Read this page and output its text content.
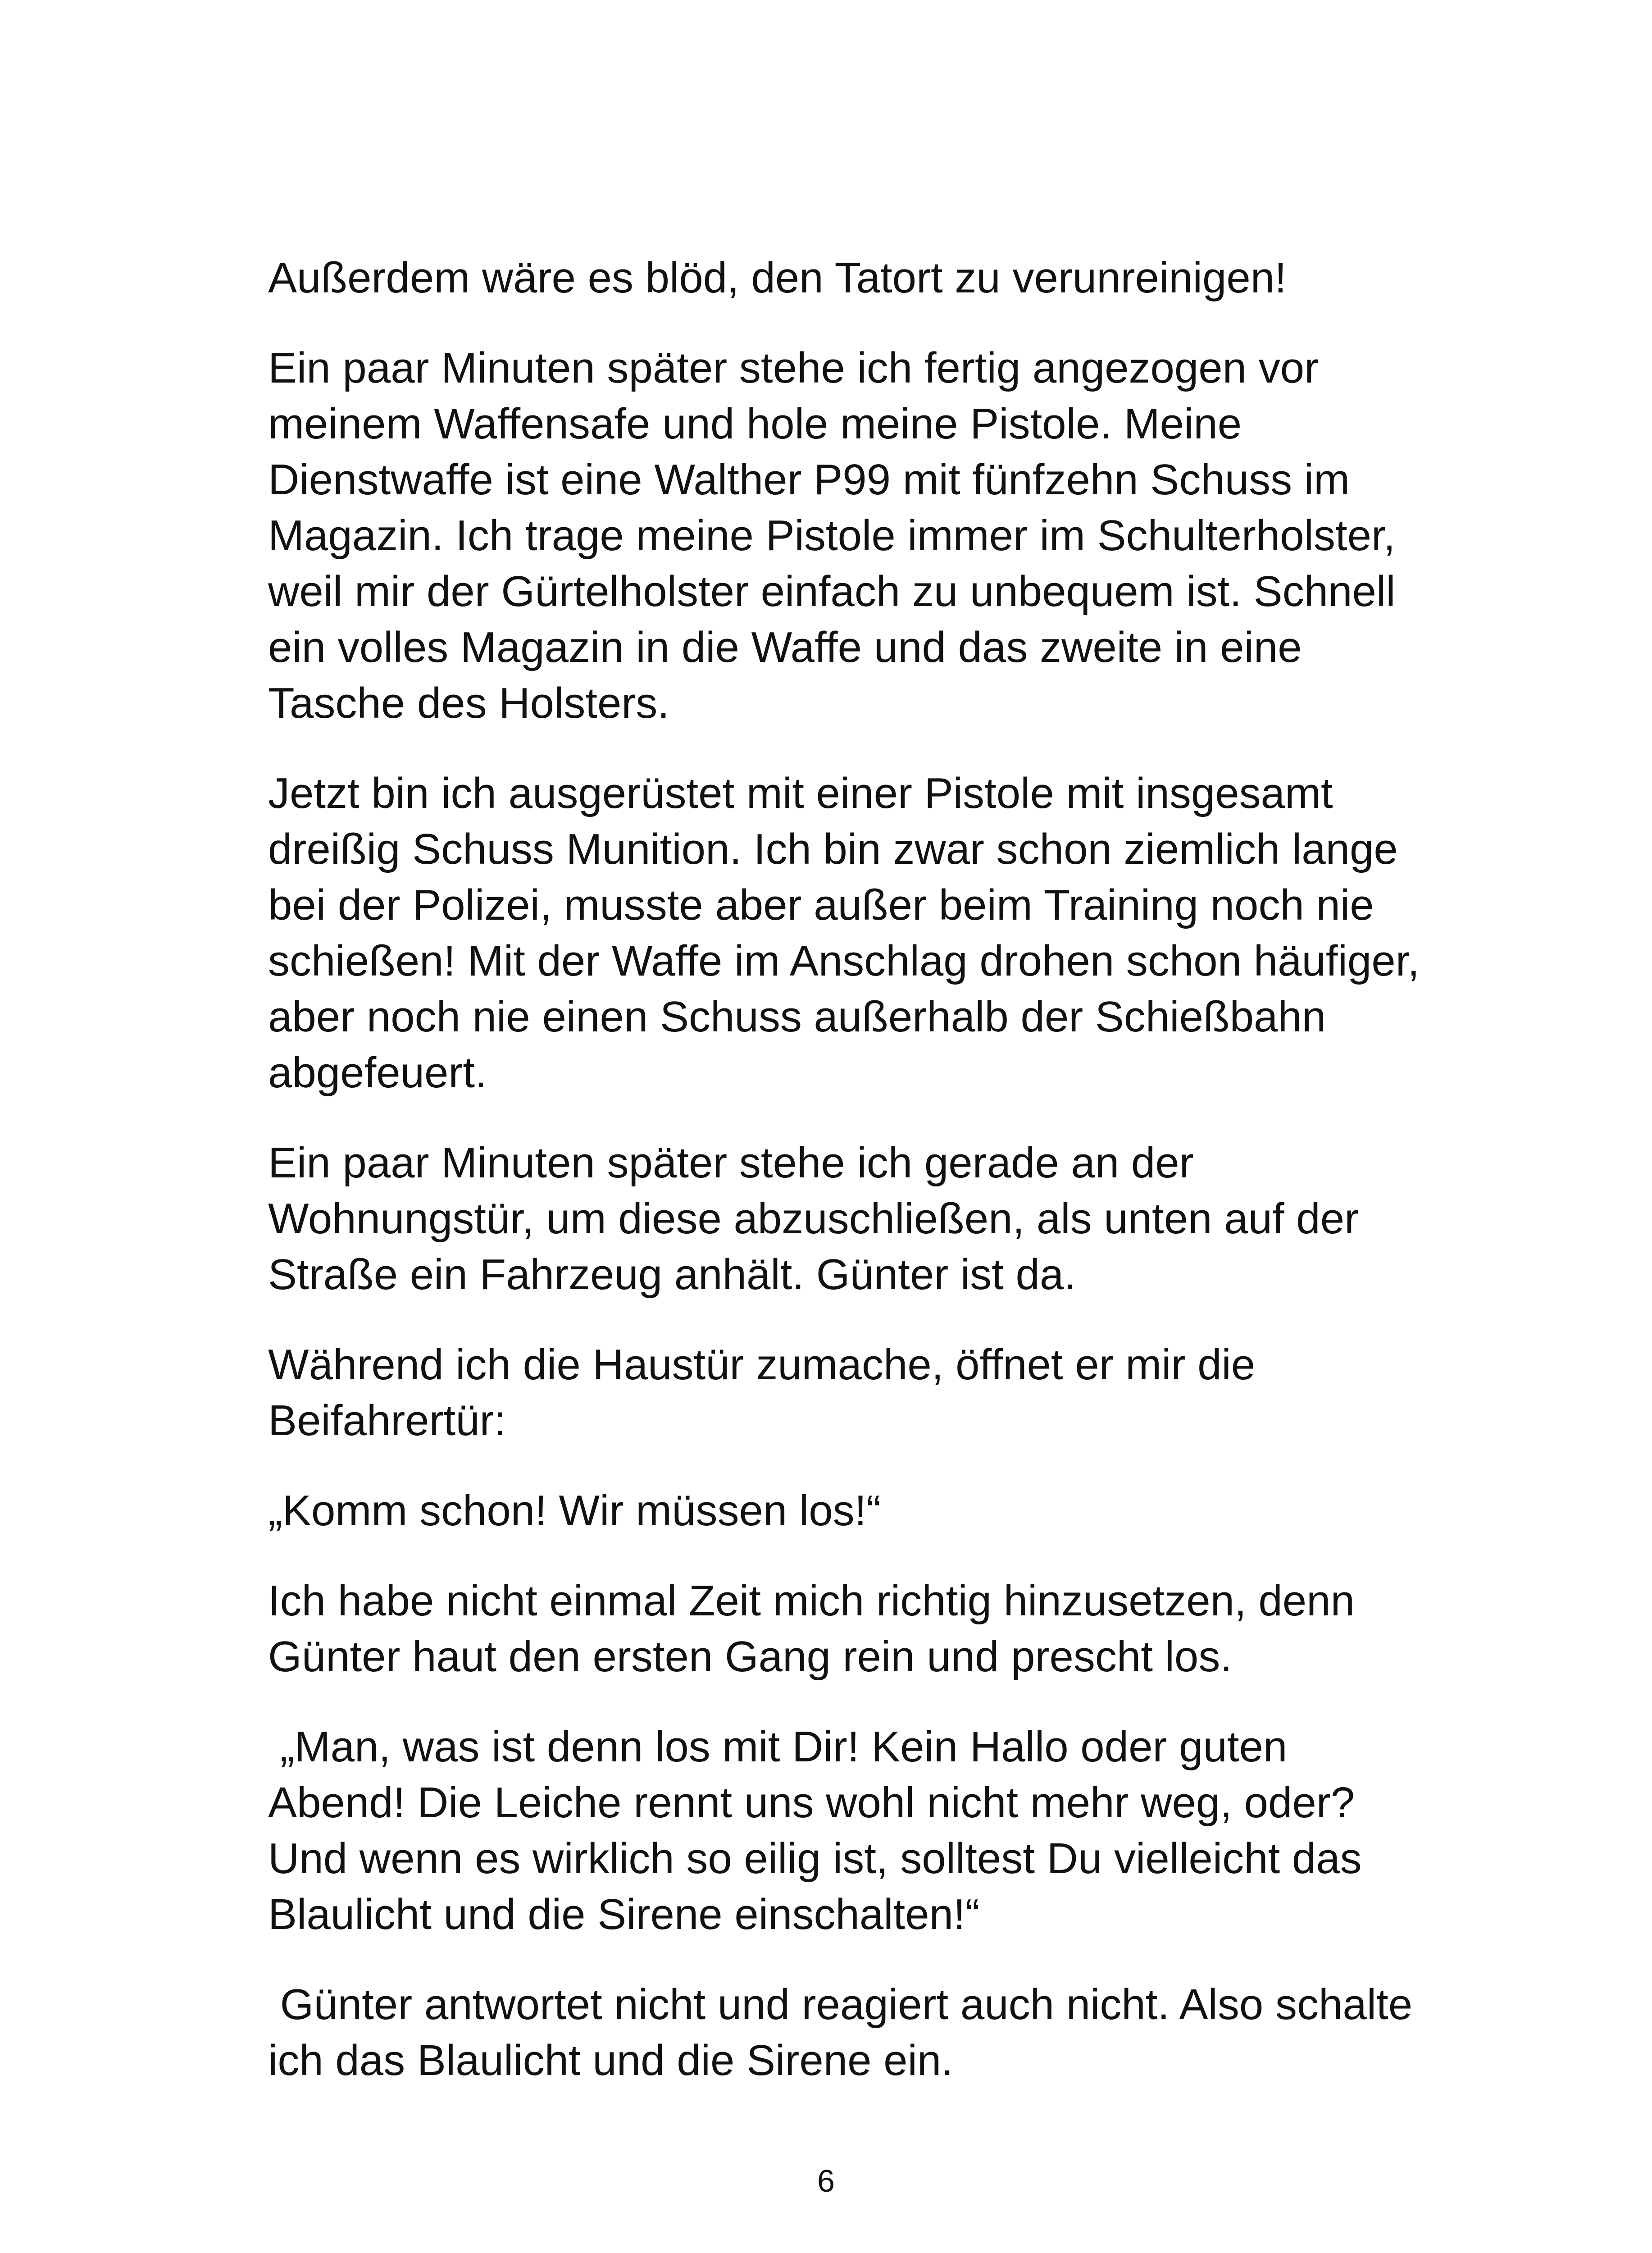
Außerdem wäre es blöd, den Tatort zu verunreinigen!

Ein paar Minuten später stehe ich fertig angezogen vor meinem Waffensafe und hole meine Pistole. Meine Dienstwaffe ist eine Walther P99 mit fünfzehn Schuss im Magazin. Ich trage meine Pistole immer im Schulterholster, weil mir der Gürtelholster einfach zu unbequem ist. Schnell ein volles Magazin in die Waffe und das zweite in eine Tasche des Holsters.

Jetzt bin ich ausgerüstet mit einer Pistole mit insgesamt dreißig Schuss Munition. Ich bin zwar schon ziemlich lange bei der Polizei, musste aber außer beim Training noch nie schießen! Mit der Waffe im Anschlag drohen schon häufiger, aber noch nie einen Schuss außerhalb der Schießbahn abgefeuert.

Ein paar Minuten später stehe ich gerade an der Wohnungstür, um diese abzuschließen, als unten auf der Straße ein Fahrzeug anhält. Günter ist da.

Während ich die Haustür zumache, öffnet er mir die Beifahrertür:

„Komm schon! Wir müssen los!“

Ich habe nicht einmal Zeit mich richtig hinzusetzen, denn Günter haut den ersten Gang rein und prescht los.

„Man, was ist denn los mit Dir! Kein Hallo oder guten Abend! Die Leiche rennt uns wohl nicht mehr weg, oder? Und wenn es wirklich so eilig ist, solltest Du vielleicht das Blaulicht und die Sirene einschalten!“

Günter antwortet nicht und reagiert auch nicht. Also schalte ich das Blaulicht und die Sirene ein.

6
